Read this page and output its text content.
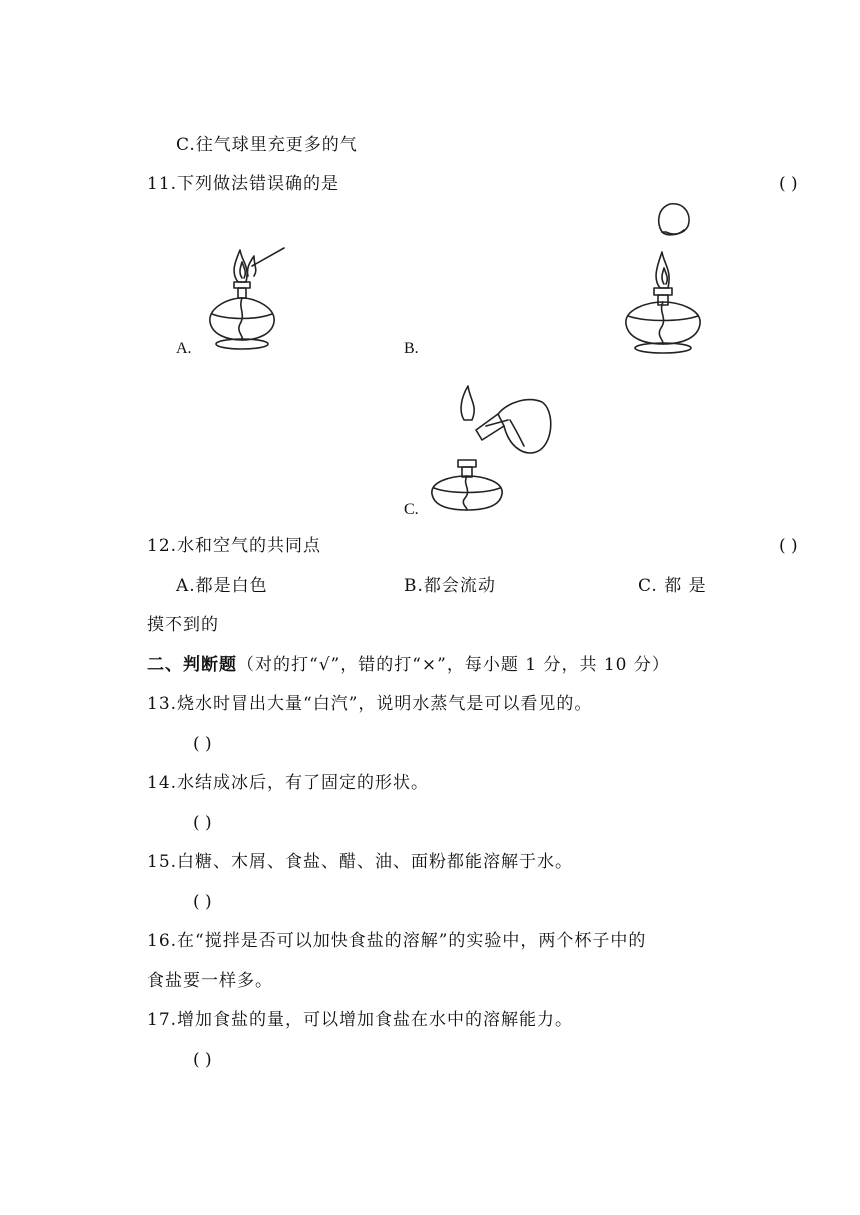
C.往气球里充更多的气
11.下列做法错误确的是	( )
A.	B.
C.
12.水和空气的共同点	( )
A.都是白色	B.都会流动	C. 都 是
摸不到的
二、判断题（对的打“√”，错的打“×”，每小题 1 分，共 10 分）
13.烧水时冒出大量“白汽”，说明水蒸气是可以看见的。
( )
14.水结成冰后，有了固定的形状。
( )
15.白糖、木屑、食盐、醋、油、面粉都能溶解于水。
( )
16.在“搅拌是否可以加快食盐的溶解”的实验中，两个杯子中的
食盐要一样多。
17.增加食盐的量，可以增加食盐在水中的溶解能力。
( )
